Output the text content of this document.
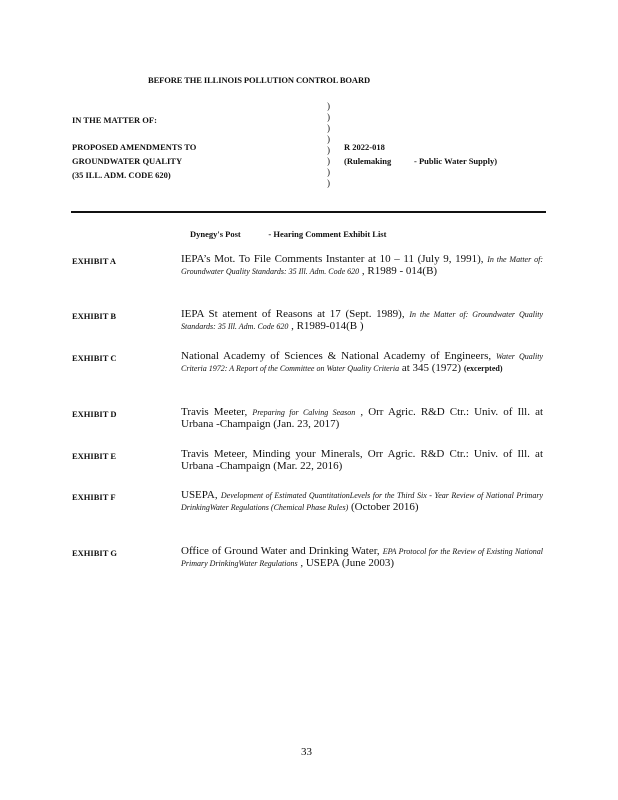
BEFORE THE ILLINOIS POLLUTION CONTROL BOARD
IN THE MATTER OF:
PROPOSED AMENDMENTS TO
GROUNDWATER QUALITY
(35 ILL. ADM. CODE 620)
)
)
)
)
)
)
)
)
R 2022-018
(Rulemaking	- Public Water Supply)
Dynegy's Post             - Hearing Comment Exhibit List
EXHIBIT A	IEPA’s Mot. To File Comments Instanter at 10 – 11 (July 9, 1991), In the Matter of: Groundwater Quality Standards: 35 Ill. Adm. Code 620 , R1989 - 014(B)
EXHIBIT B	IEPA St atement of Reasons at 17 (Sept. 1989), In the Matter of: Groundwater Quality Standards: 35 Ill. Adm. Code 620 , R1989-014(B )
EXHIBIT C	National Academy of Sciences & National Academy of Engineers, Water Quality Criteria 1972: A Report of the Committee on Water Quality Criteria at 345 (1972) (excerpted)
EXHIBIT D	Travis Meeter, Preparing for Calving Season , Orr Agric. R&D Ctr.: Univ. of Ill. at Urbana -Champaign (Jan. 23, 2017)
EXHIBIT E	Travis Meteer, Minding your Minerals, Orr Agric. R&D Ctr.: Univ. of Ill. at Urbana -Champaign (Mar. 22, 2016)
EXHIBIT F	USEPA, Development of Estimated QuantitationLevels for the Third Six - Year Review of National Primary DrinkingWater Regulations (Chemical Phase Rules) (October 2016)
EXHIBIT G	Office of Ground Water and Drinking Water, EPA Protocol for the Review of Existing National Primary DrinkingWater Regulations , USEPA (June 2003)
33
